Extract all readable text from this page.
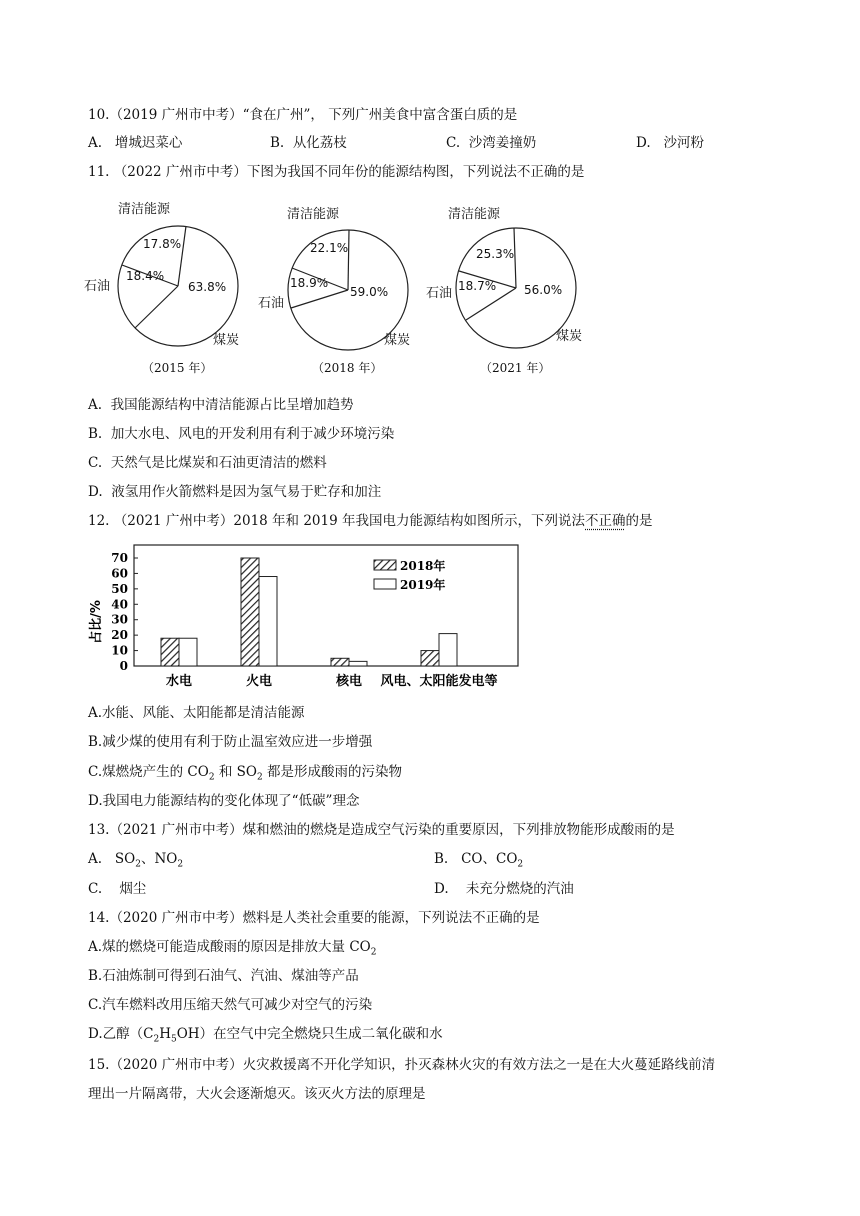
10.（2019 广州市中考）“食在广州”， 下列广州美食中富含蛋白质的是
A. 增城迟菜心	B. 从化荔枝	C. 沙湾姜撞奶	D. 沙河粉
11. （2022 广州市中考）下图为我国不同年份的能源结构图，下列说法不正确的是
清洁能源
石油
煤炭
17.8%
18.4%
63.8%
（2015 年）
清洁能源
石油
煤炭
22.1%
18.9%
59.0%
（2018 年）
清洁能源
石油
煤炭
25.3%
18.7% 56.0%
（2021 年）
A. 我国能源结构中清洁能源占比呈增加趋势
B. 加大水电、风电的开发利用有利于减少环境污染
C. 天然气是比煤炭和石油更清洁的燃料
D. 液氢用作火箭燃料是因为氢气易于贮存和加注
12. （2021 广州中考）2018 年和 2019 年我国电力能源结构如图所示，下列说法不正确的是
0
10
20
30
40
50
60
70
占比/%
2018年
2019年
水电	火电	核电 风电、太阳能发电等
A.水能、风能、太阳能都是清洁能源
B.减少煤的使用有利于防止温室效应进一步增强
C.煤燃烧产生的 $CO_2$ 和 $SO_2$ 都是形成酸雨的污染物
D.我国电力能源结构的变化体现了“低碳”理念
13.（2021 广州市中考）煤和燃油的燃烧是造成空气污染的重要原因，下列排放物能形成酸雨的是
A. $SO_2$、$NO_2$	B. CO、$CO_2$
C. 烟尘	D. 未充分燃烧的汽油
14.（2020 广州市中考）燃料是人类社会重要的能源，下列说法不正确的是
A.煤的燃烧可能造成酸雨的原因是排放大量 $CO_2$
B.石油炼制可得到石油气、汽油、煤油等产品
C.汽车燃料改用压缩天然气可减少对空气的污染
D.乙醇$(C_2H_5OH)$在空气中完全燃烧只生成二氧化碳和水
15.（2020 广州市中考）火灾救援离不开化学知识，扑灭森林火灾的有效方法之一是在大火蔓延路线前清
理出一片隔离带，大火会逐渐熄灭。该灭火方法的原理是
